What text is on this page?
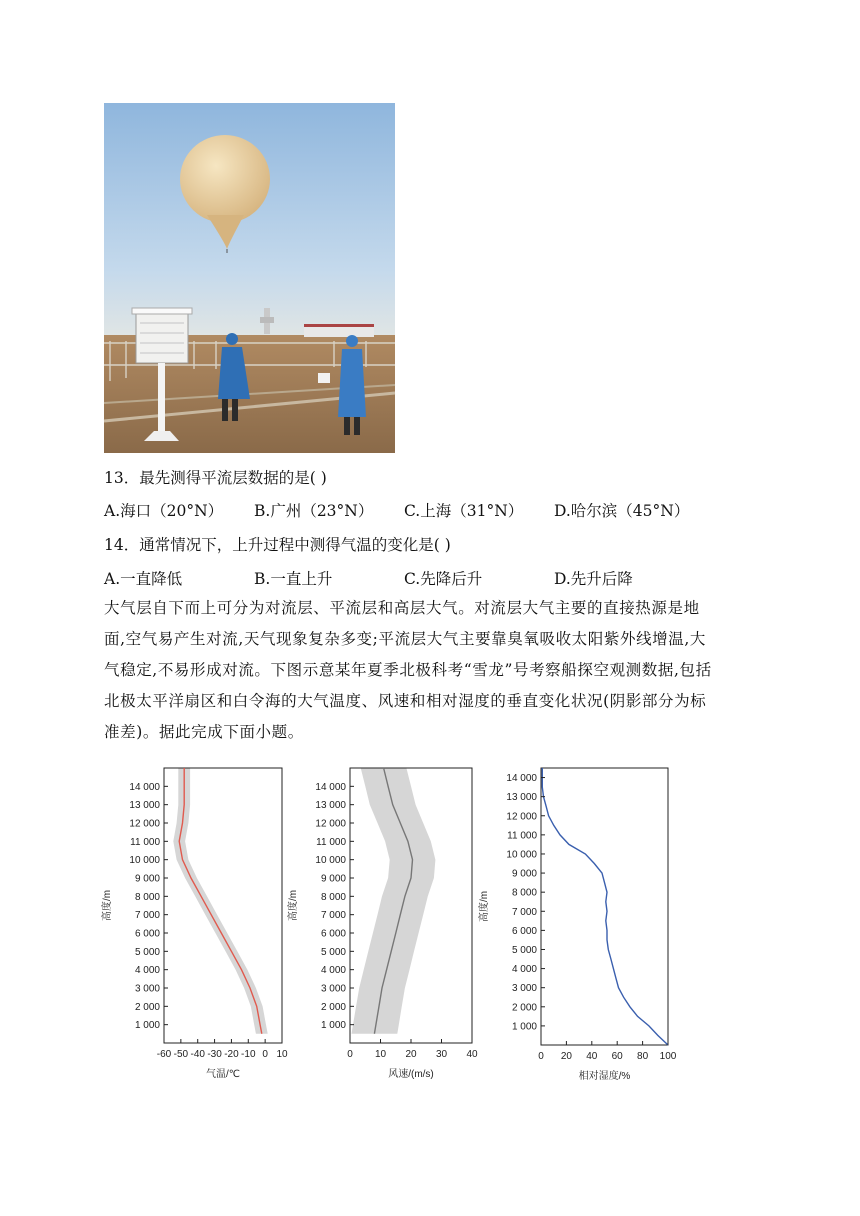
13．最先测得平流层数据的是( )
A.海口（20°N） B.广州（23°N） C.上海（31°N） D.哈尔滨（45°N）
14．通常情况下，上升过程中测得气温的变化是( )
A.一直降低	B.一直上升	C.先降后升	D.先升后降
大气层自下而上可分为对流层、平流层和高层大气。对流层大气主要的直接热源是地
面,空气易产生对流,天气现象复杂多变;平流层大气主要靠臭氧吸收太阳紫外线增温,大
气稳定,不易形成对流。下图示意某年夏季北极科考“雪龙”号考察船探空观测数据,包括
北极太平洋扇区和白令海的大气温度、风速和相对湿度的垂直变化状况(阴影部分为标
准差)。据此完成下面小题。
1 000
2 000
3 000
4 000
5 000
6 000
7 000
8 000
9 000
10 000
11 000
12 000
13 000
14 000
-60 -50 -40 -30 -20 -10 0 10
气温/℃
高度/m
1 000
2 000
3 000
4 000
5 000
6 000
7 000
8 000
9 000
10 000
11 000
12 000
13 000
14 000
0 10 20 30 40
风速/(m/s)
高度/m
1 000
2 000
3 000
4 000
5 000
6 000
7 000
8 000
9 000
10 000
11 000
12 000
13 000
14 000
0 20 40 60 80 100
相对湿度/%
高度/m
